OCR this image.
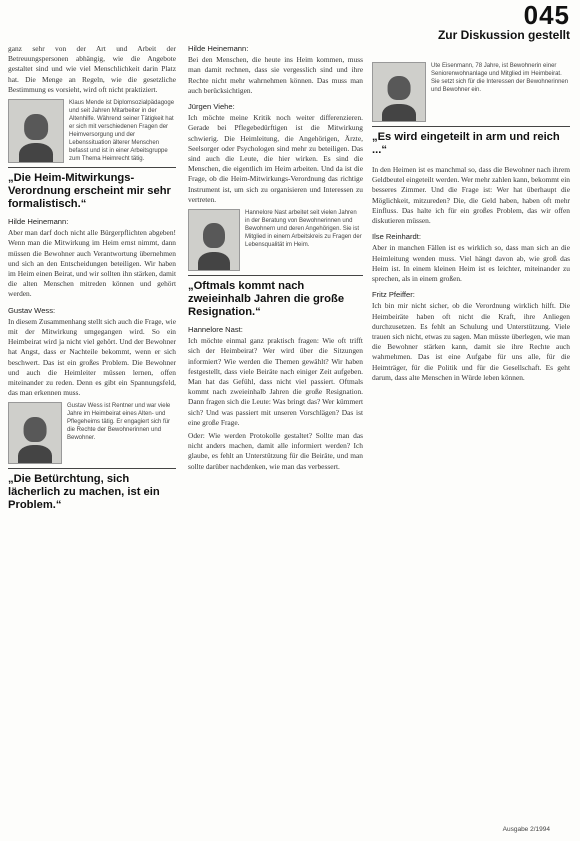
045
Zur Diskussion gestellt

ganz sehr von der Art und Arbeit der Betreuungspersonen abhängig, wie die Angebote gestaltet sind und wie viel Menschlichkeit darin Platz hat. Die Menge an Regeln, wie die gesetzliche Bestimmung es vorsieht, wird oft nicht praktiziert.

Klaus Mende ist Diplomsozialpädagoge und seit Jahren Mitarbeiter in der Altenhilfe. Während seiner Tätigkeit hat er sich mit verschiedenen Fragen der Heimversorgung und der Lebenssituation älterer Menschen befasst und ist in einer Arbeitsgruppe zum Thema Heimrecht tätig.
„Die Heim-Mitwirkungs-Verordnung erscheint mir sehr formalistisch.“
Hilde Heinemann:

Aber man darf doch nicht alle Bürgerpflichten abgeben! Wenn man die Mitwirkung im Heim ernst nimmt, dann müssen die Bewohner auch Verantwortung übernehmen und sich an den Entscheidungen beteiligen. Wir haben im Heim einen Beirat, und wir sollten ihn stärken, damit die alten Menschen mitreden können und gehört werden.

Gustav Wess:

In diesem Zusammenhang stellt sich auch die Frage, wie mit der Mitwirkung umgegangen wird. So ein Heimbeirat wird ja nicht viel gehört. Und der Bewohner hat Angst, dass er Nachteile bekommt, wenn er sich beschwert. Das ist ein großes Problem. Die Bewohner und auch die Heimleiter müssen lernen, offen miteinander zu reden. Denn es gibt ein Spannungsfeld, das man erkennen muss.

Gustav Wess ist Rentner und war viele Jahre im Heimbeirat eines Alten- und Pflegeheims tätig. Er engagiert sich für die Rechte der Bewohnerinnen und Bewohner.
„Die Betürchtung, sich lächerlich zu machen, ist ein Problem.“
Hilde Heinemann:

Bei den Menschen, die heute ins Heim kommen, muss man damit rechnen, dass sie vergesslich sind und ihre Rechte nicht mehr wahrnehmen können. Das muss man auch berücksichtigen.

Jürgen Viehe:

Ich möchte meine Kritik noch weiter differenzieren. Gerade bei Pflegebedürftigen ist die Mitwirkung schwierig. Die Heimleitung, die Angehörigen, Ärzte, Seelsorger oder Psychologen sind mehr zu beteiligen. Das sind auch die Leute, die hier wirken. Es sind die Menschen, die eigentlich im Heim arbeiten. Und da ist die Frage, ob die Heim-Mitwirkungs-Verordnung das richtige Instrument ist, um sich zu organisieren und Interessen zu vertreten.

Hannelore Nast arbeitet seit vielen Jahren in der Beratung von Bewohnerinnen und Bewohnern und deren Angehörigen. Sie ist Mitglied in einem Arbeitskreis zu Fragen der Lebensqualität im Heim.
„Oftmals kommt nach zweieinhalb Jahren die große Resignation.“
Hannelore Nast:

Ich möchte einmal ganz praktisch fragen: Wie oft trifft sich der Heimbeirat? Wer wird über die Sitzungen informiert? Wie werden die Themen gewählt? Wir haben festgestellt, dass viele Beiräte nach einiger Zeit aufgeben. Man hat das Gefühl, dass nicht viel passiert. Oftmals kommt nach zweieinhalb Jahren die große Resignation. Dann fragen sich die Leute: Was bringt das? Wer kümmert sich? Und was passiert mit unseren Vorschlägen? Das ist eine große Frage.

Oder: Wie werden Protokolle gestaltet? Sollte man das nicht anders machen, damit alle informiert werden? Ich glaube, es fehlt an Unterstützung für die Beiräte, und man sollte darüber nachdenken, wie man das verbessert.

Ute Eisenmann, 78 Jahre, ist Bewohnerin einer Seniorenwohnanlage und Mitglied im Heimbeirat. Sie setzt sich für die Interessen der Bewohnerinnen und Bewohner ein.
„Es wird eingeteilt in arm und reich ...“

In den Heimen ist es manchmal so, dass die Bewohner nach ihrem Geldbeutel eingeteilt werden. Wer mehr zahlen kann, bekommt ein besseres Zimmer. Und die Frage ist: Wer hat überhaupt die Möglichkeit, mitzureden? Die, die Geld haben, haben oft mehr Einfluss. Das halte ich für ein großes Problem, das wir offen diskutieren müssen.

Ilse Reinhardt:

Aber in manchen Fällen ist es wirklich so, dass man sich an die Heimleitung wenden muss. Viel hängt davon ab, wie groß das Heim ist. In einem kleinen Heim ist es leichter, miteinander zu sprechen, als in einem großen.

Fritz Pfeiffer:

Ich bin mir nicht sicher, ob die Verordnung wirklich hilft. Die Heimbeiräte haben oft nicht die Kraft, ihre Anliegen durchzusetzen. Es fehlt an Schulung und Unterstützung. Viele trauen sich nicht, etwas zu sagen. Man müsste überlegen, wie man die Bewohner stärken kann, damit sie ihre Rechte auch wahrnehmen. Das ist eine Aufgabe für uns alle, für die Heimträger, für die Politik und für die Gesellschaft. Es geht darum, dass alte Menschen in Würde leben können.

Ausgabe 2/1994
